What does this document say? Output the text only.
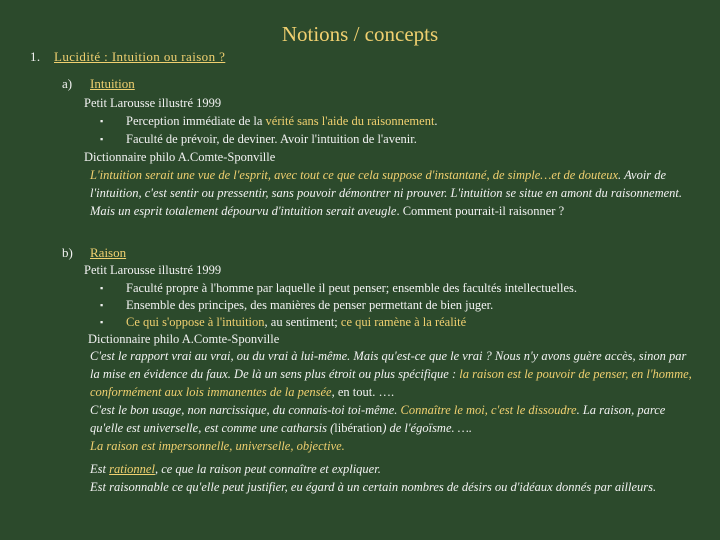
Notions / concepts
1. Lucidité : Intuition ou raison ?
a) Intuition
Petit Larousse illustré 1999
▪ Perception immédiate de la vérité sans l'aide du raisonnement.
▪ Faculté de prévoir, de deviner. Avoir l'intuition de l'avenir.
Dictionnaire philo A.Comte-Sponville
L'intuition serait une vue de l'esprit, avec tout ce que cela suppose d'instantané, de simple…et de douteux. Avoir de l'intuition, c'est sentir ou pressentir, sans pouvoir démontrer ni prouver. L'intuition se situe en amont du raisonnement. Mais un esprit totalement dépourvu d'intuition serait aveugle. Comment pourrait-il raisonner ?
b) Raison
Petit Larousse illustré 1999
▪ Faculté propre à l'homme par laquelle il peut penser; ensemble des facultés intellectuelles.
▪ Ensemble des principes, des manières de penser permettant de bien juger.
▪ Ce qui s'oppose à l'intuition, au sentiment; ce qui ramène à la réalité
Dictionnaire philo A.Comte-Sponville
C'est le rapport vrai au vrai, ou du vrai à lui-même. Mais qu'est-ce que le vrai ? Nous n'y avons guère accès, sinon par la mise en évidence du faux. De là un sens plus étroit ou plus spécifique : la raison est le pouvoir de penser, en l'homme, conformément aux lois immanentes de la pensée, en tout. ….
C'est le bon usage, non narcissique, du connais-toi toi-même. Connaître le moi, c'est le dissoudre. La raison, parce qu'elle est universelle, est comme une catharsis (libération) de l'égoïsme. ….
La raison est impersonnelle, universelle, objective.
Est rationnel, ce que la raison peut connaître et expliquer.
Est raisonnable ce qu'elle peut justifier, eu égard à un certain nombres de désirs ou d'idéaux donnés par ailleurs.
